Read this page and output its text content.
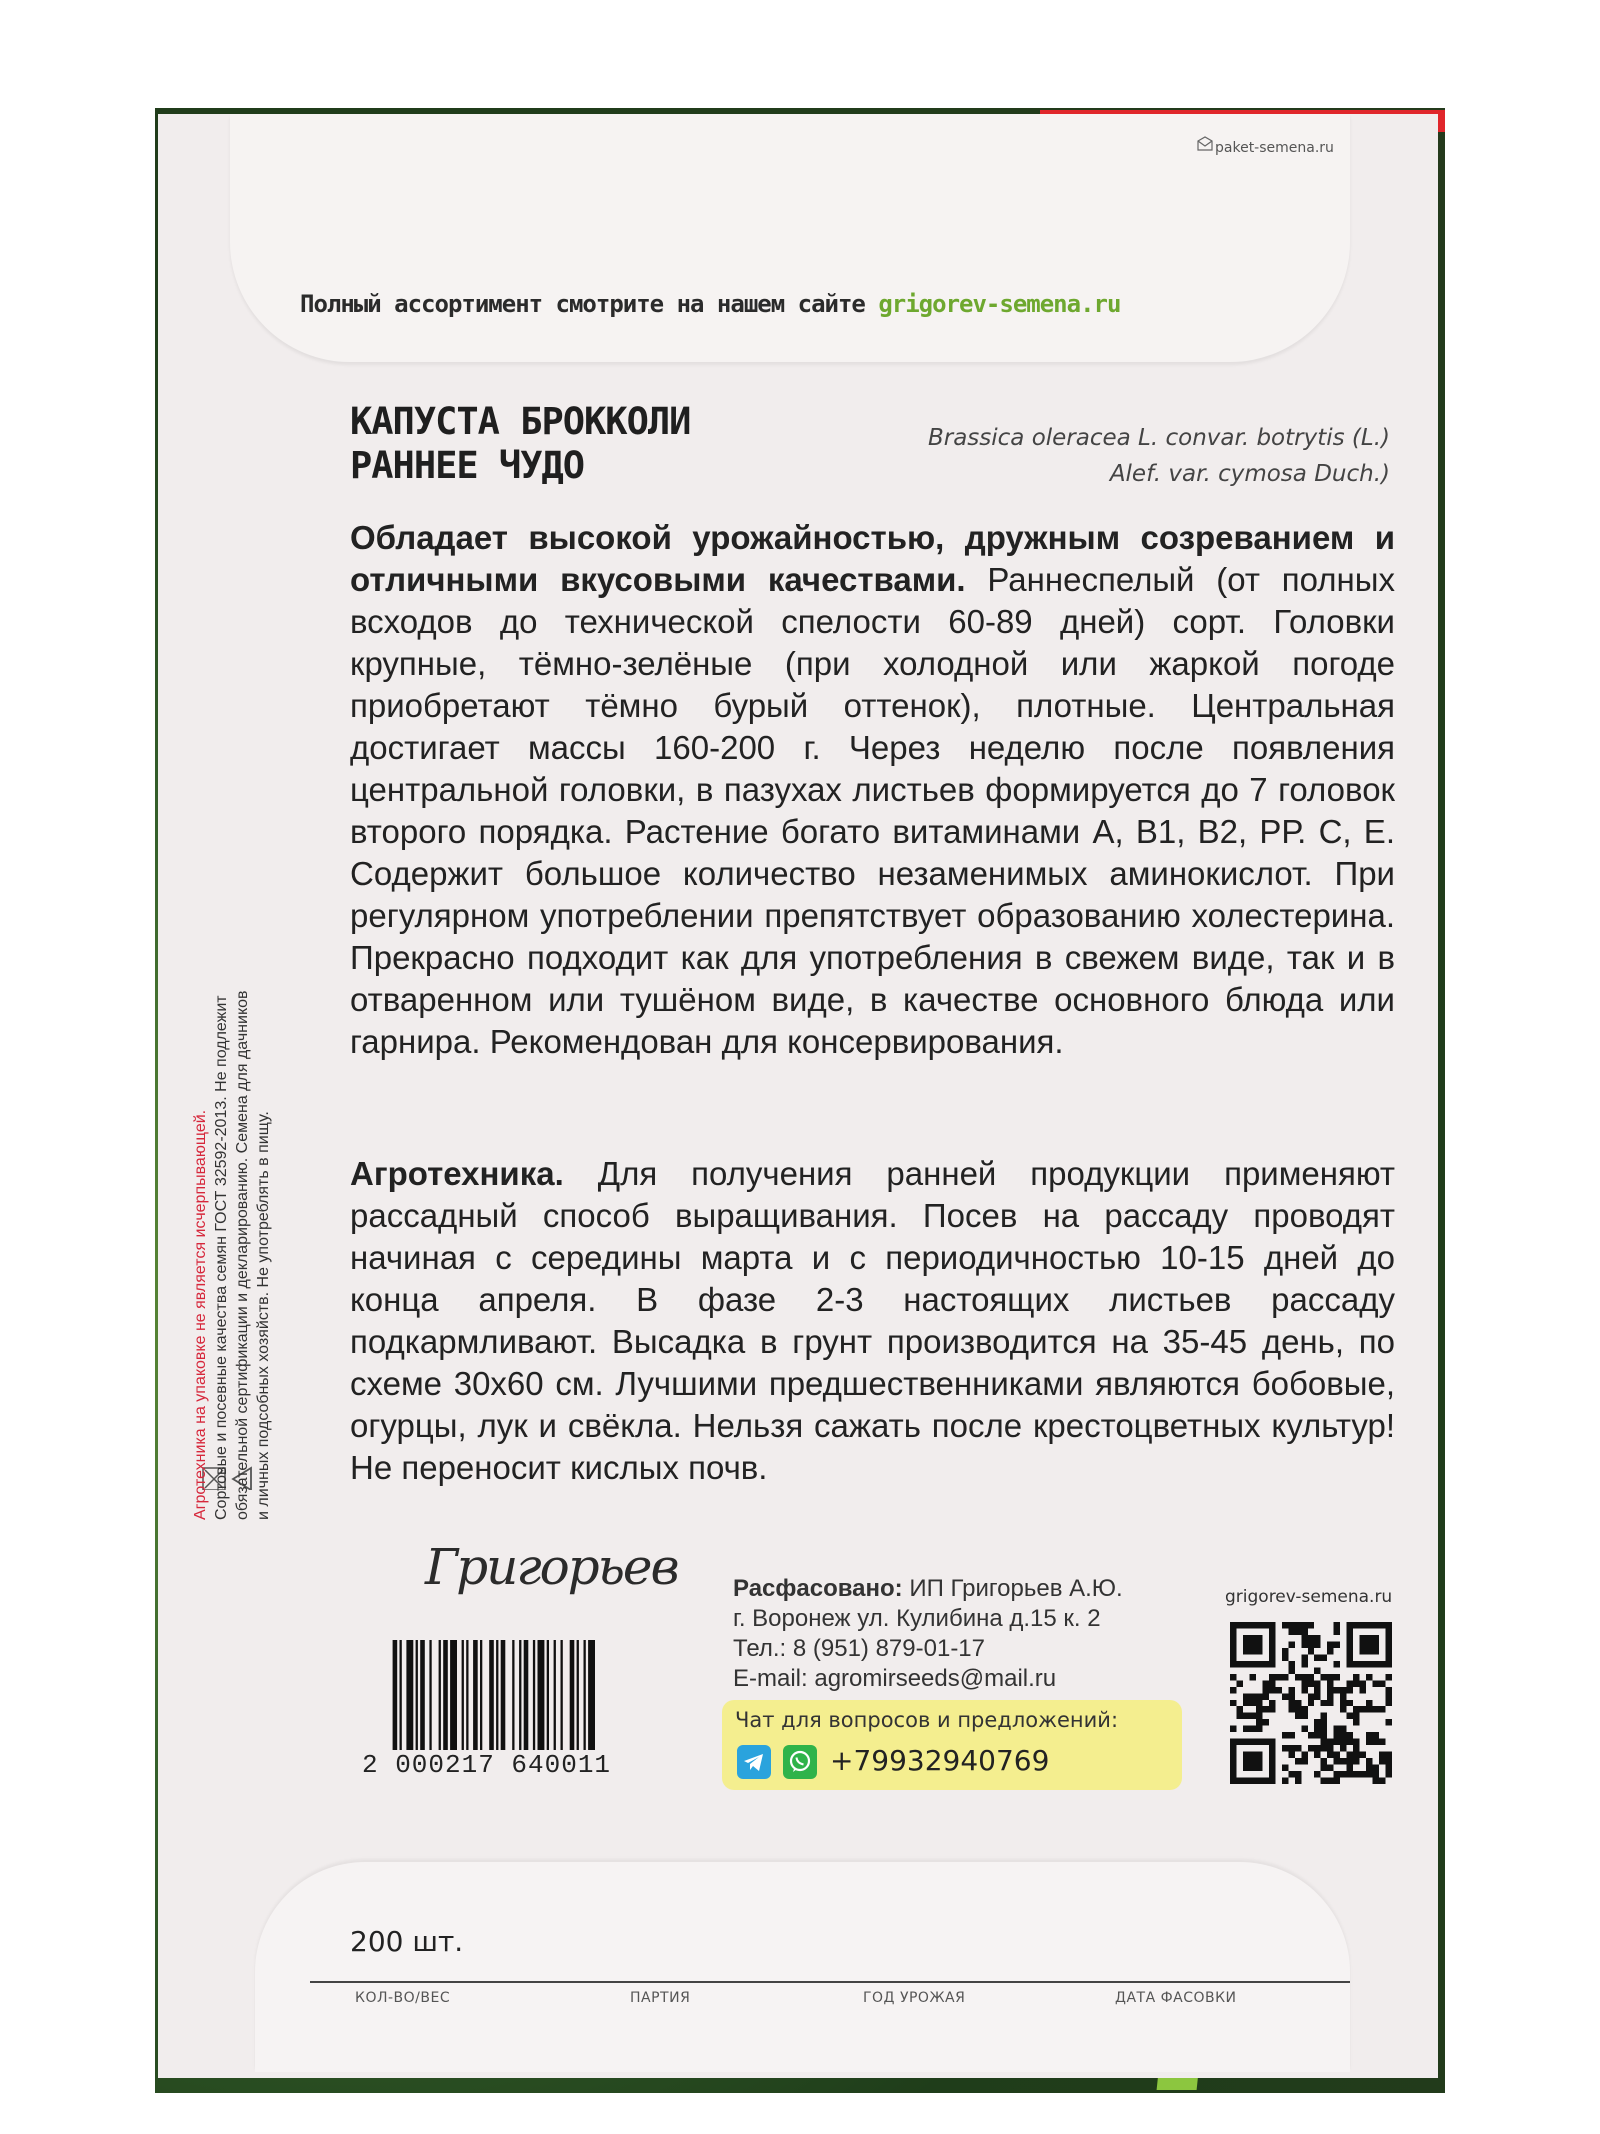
paket-semena.ru
Полный ассортимент смотрите на нашем сайте grigorev-semena.ru
КАПУСТА БРОККОЛИ
РАННЕЕ ЧУДО
Brassica oleracea L. convar. botrytis (L.)
Alef. var. cymosa Duch.)
Обладает высокой урожайностью, дружным созреванием и отличными вкусовыми качествами. Раннеспелый (от полных всходов до технической спелости 60-89 дней) сорт. Головки крупные, тёмно-зелёные (при холодной или жаркой погоде приобретают тёмно бурый оттенок), плотные. Центральная достигает массы 160-200 г. Через неделю после появления центральной головки, в пазухах листьев формируется до 7 головок второго порядка. Растение богато витаминами А, В1, В2, РР. С, Е. Содержит большое количество незаменимых аминокислот. При регулярном употреблении препятствует образованию холестерина. Прекрасно подходит как для употребления в свежем виде, так и в отваренном или тушёном виде, в качестве основного блюда или гарнира. Рекомендован для консервирования.
Агротехника. Для получения ранней продукции применяют рассадный способ выращивания. Посев на рассаду проводят начиная с середины марта и с периодичностью 10-15 дней до конца апреля. В фазе 2-3 настоящих листьев рассаду подкармливают. Высадка в грунт производится на 35-45 день, по схеме 30х60 см. Лучшими предшественниками являются бобовые, огурцы, лук и свёкла. Нельзя сажать после крестоцветных культур! Не переносит кислых почв.
Агротехника на упаковке не является исчерпывающей. Сортовые и посевные качества семян ГОСТ 32592-2013. Не подлежит обязательной сертификации и декларированию. Семена для дачников и личных подсобных хозяйств. Не употреблять в пищу.
Григорьев
2 000217 640011
Расфасовано: ИП Григорьев А.Ю.
г. Воронеж ул. Кулибина д.15 к. 2
Тел.: 8 (951) 879-01-17
E-mail: agromirseeds@mail.ru
Чат для вопросов и предложений:
+79932940769
grigorev-semena.ru
200 шт.
КОЛ-ВО/ВЕС	ПАРТИЯ	ГОД УРОЖАЯ	ДАТА ФАСОВКИ
